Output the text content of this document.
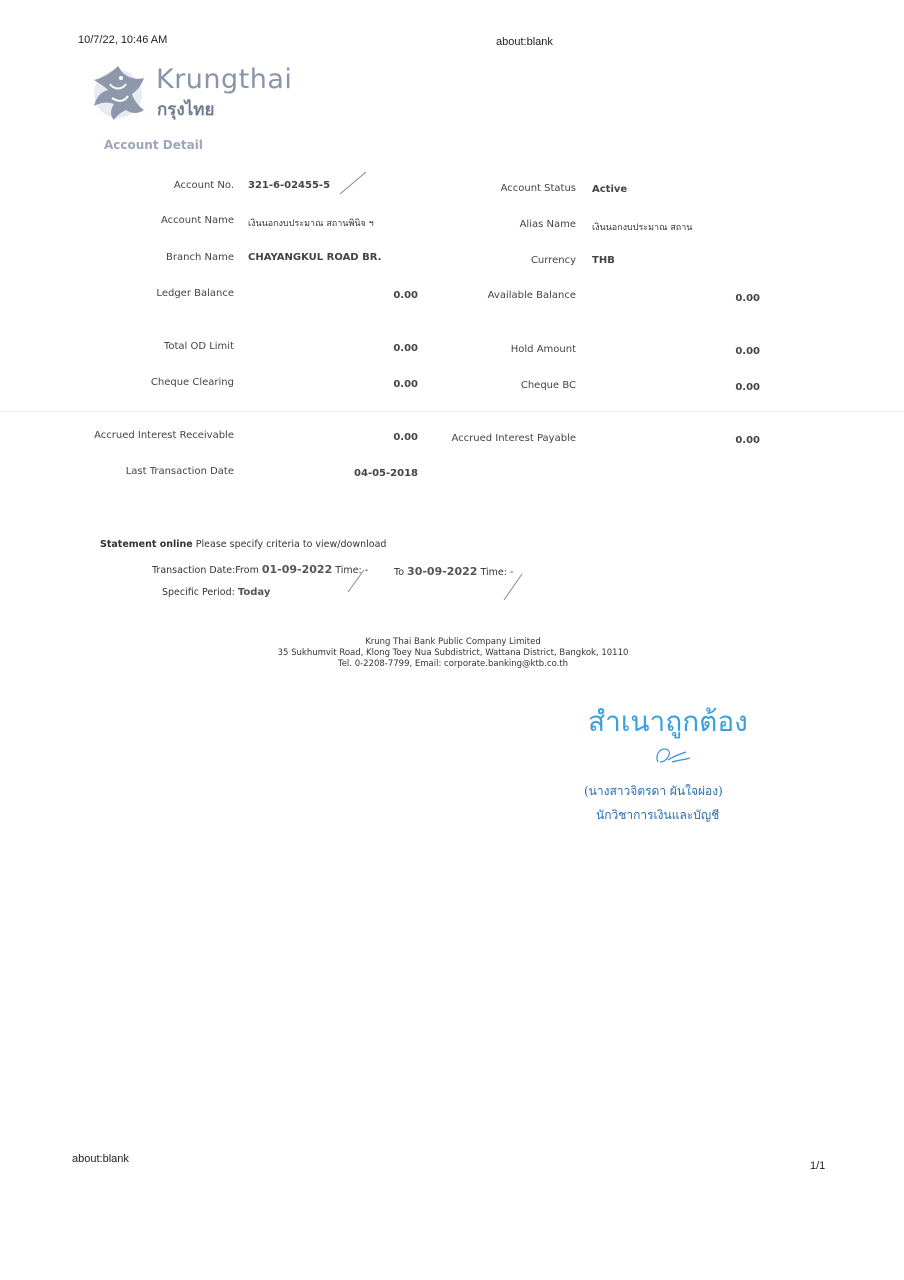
10/7/22, 10:46 AM	about:blank
Krungthai
กรุงไทย
Account Detail
Account No. 321-6-02455-5	Account Status Active
Account Name เงินนอกงบประมาณ สถานพินิจ ฯ	Alias Name เงินนอกงบประมาณ สถาน
Branch Name CHAYANGKUL ROAD BR.	Currency THB
Ledger Balance	0.00	Available Balance	0.00
Total OD Limit	0.00	Hold Amount	0.00
Cheque Clearing	0.00	Cheque BC	0.00
Accrued Interest Receivable	0.00	Accrued Interest Payable	0.00
Last Transaction Date	04-05-2018
Statement online Please specify criteria to view/download
Transaction Date:From 01-09-2022 Time: -	To 30-09-2022 Time: -
Specific Period: Today
Krung Thai Bank Public Company Limited
35 Sukhumvit Road, Klong Toey Nua Subdistrict, Wattana District, Bangkok, 10110
Tel. 0-2208-7799, Email: corporate.banking@ktb.co.th
สำเนาถูกต้อง
(นางสาวจิตรดา ผันใจผ่อง)
นักวิชาการเงินและบัญชี
about:blank
1/1
